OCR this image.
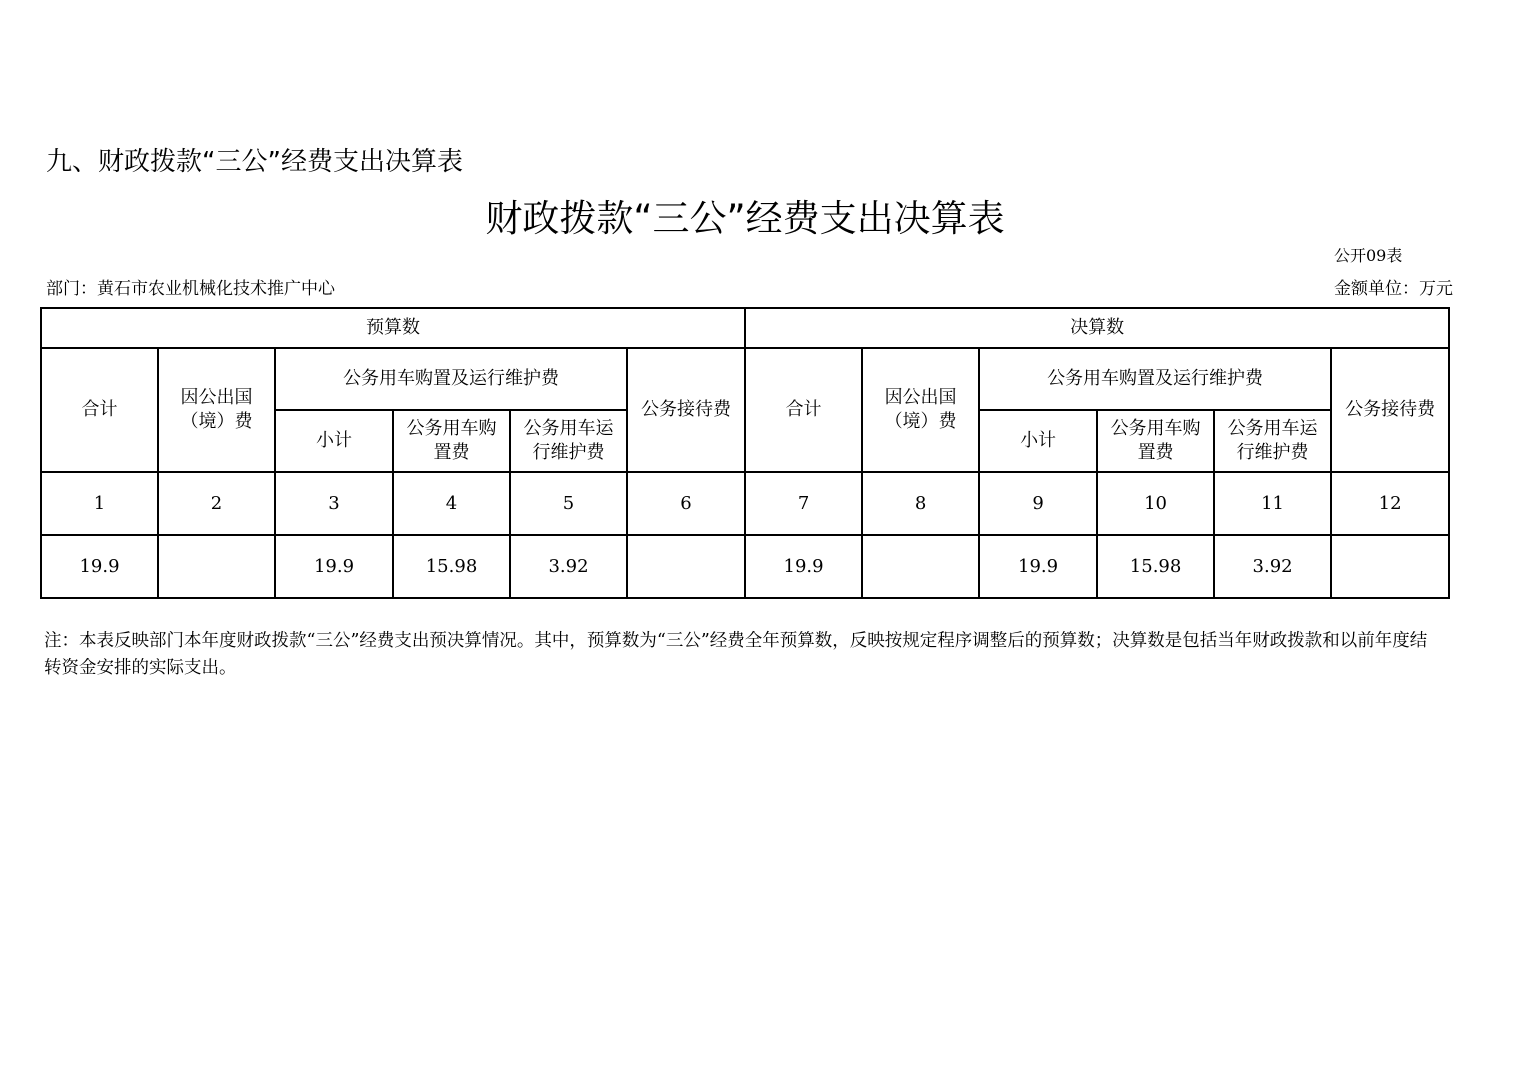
九、财政拨款“三公”经费支出决算表
财政拨款“三公”经费支出决算表
公开09表
部门：黄石市农业机械化技术推广中心	金额单位：万元
预算数						决算数					
合计	因公出国（境）费	公务用车购置及运行维护费			公务接待费	合计	因公出国（境）费	公务用车购置及运行维护费			公务接待费
		小计	公务用车购置费	公务用车运行维护费				小计	公务用车购置费	公务用车运行维护费	
1	2	3	4	5	6	7	8	9	10	11	12
19.9		19.9	15.98	3.92		19.9		19.9	15.98	3.92	
注：本表反映部门本年度财政拨款“三公”经费支出预决算情况。其中，预算数为“三公”经费全年预算数，反映按规定程序调整后的预算数；决算数是包括当年财政拨款和以前年度结转资金安排的实际支出。
